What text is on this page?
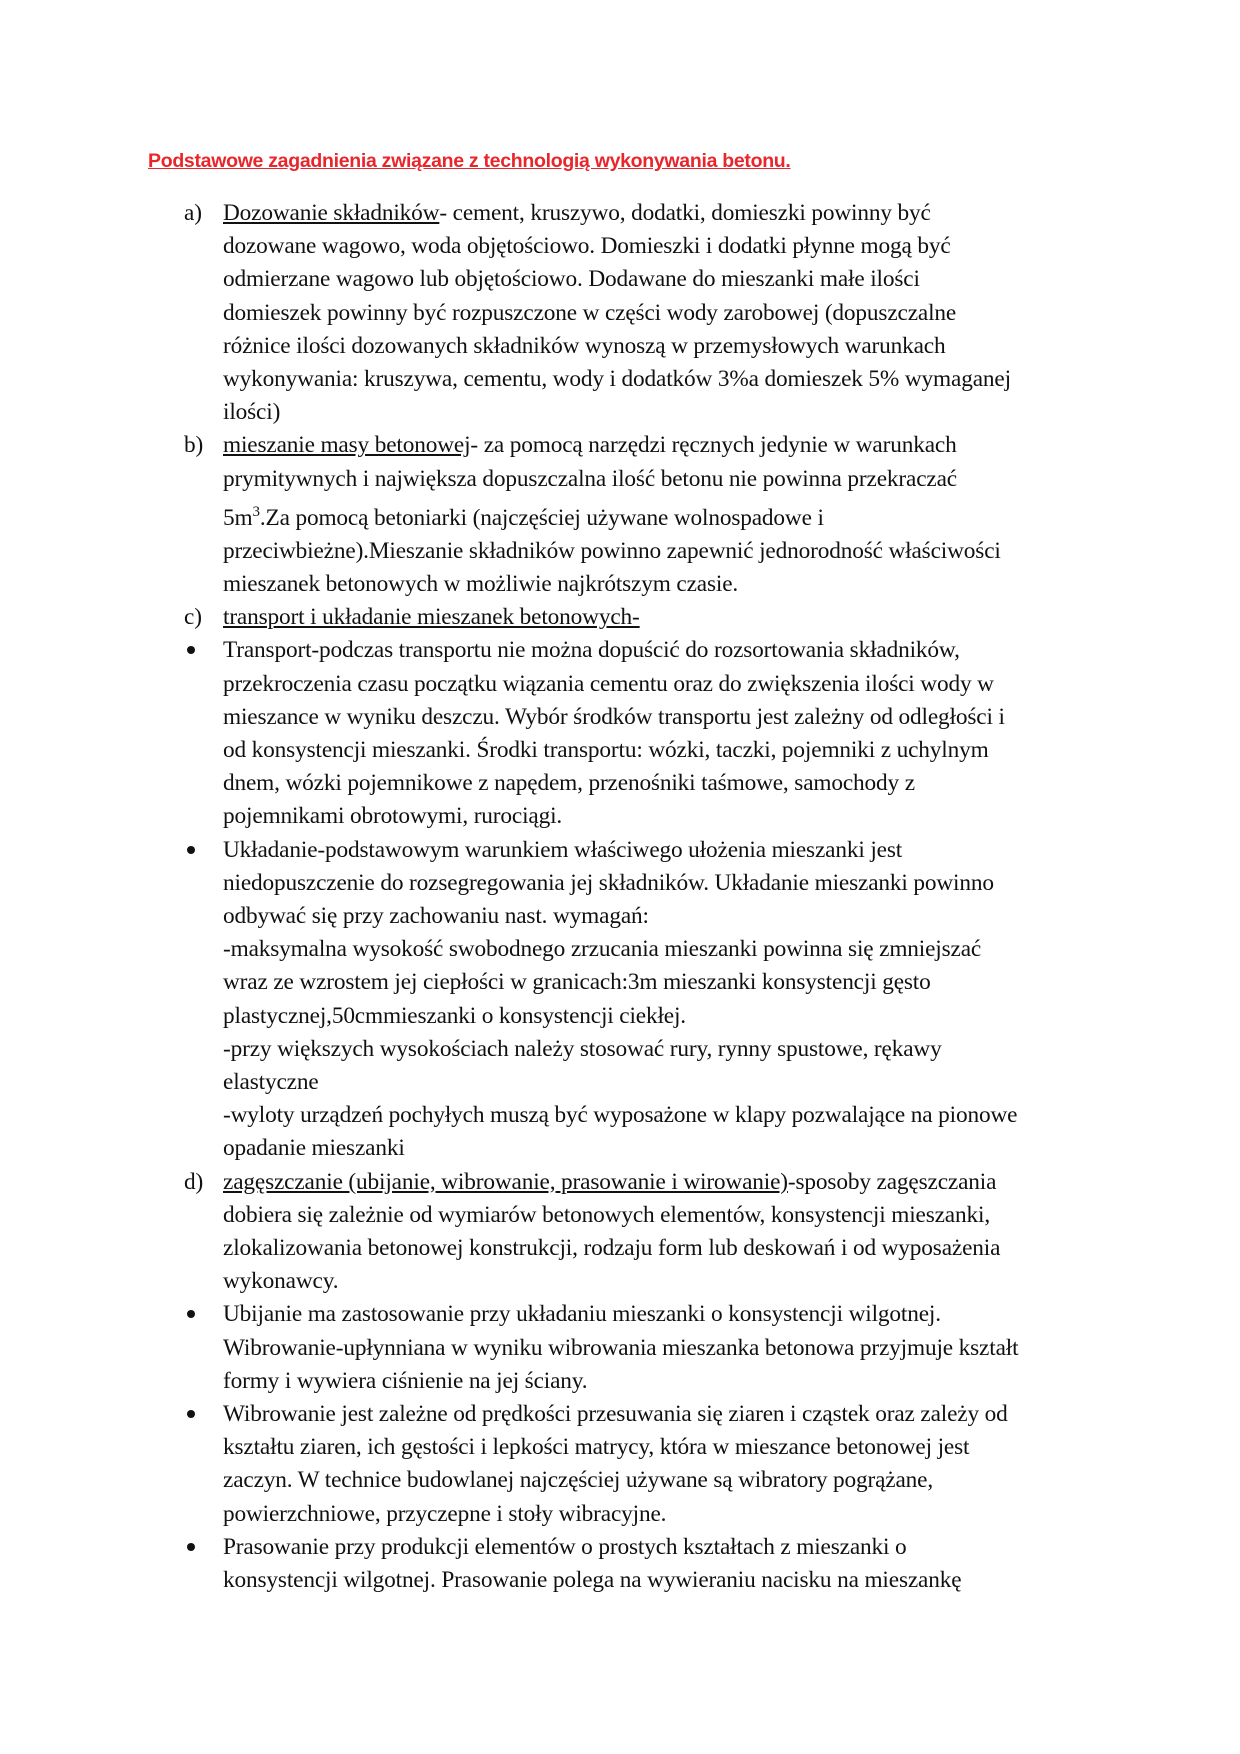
Podstawowe zagadnienia związane z technologią wykonywania betonu.
a) Dozowanie składników- cement, kruszywo, dodatki, domieszki powinny być
dozowane wagowo, woda objętościowo. Domieszki i dodatki płynne mogą być
odmierzane wagowo lub objętościowo. Dodawane do mieszanki małe ilości
domieszek powinny być rozpuszczone w części wody zarobowej (dopuszczalne
różnice ilości dozowanych składników wynoszą w przemysłowych warunkach
wykonywania: kruszywa, cementu, wody i dodatków 3%a domieszek 5% wymaganej
ilości)
b) mieszanie masy betonowej- za pomocą narzędzi ręcznych jedynie w warunkach
prymitywnych i największa dopuszczalna ilość betonu nie powinna przekraczać
$5m^3.Za$ pomocą betoniarki (najczęściej używane wolnospadowe i
przeciwbieżne).Mieszanie składników powinno zapewnić jednorodność właściwości
mieszanek betonowych w możliwie najkrótszym czasie.
c) transport i układanie mieszanek betonowych-
Transport-podczas transportu nie można dopuścić do rozsortowania składników,
przekroczenia czasu początku wiązania cementu oraz do zwiększenia ilości wody w
mieszance w wyniku deszczu. Wybór środków transportu jest zależny od odległości i
od konsystencji mieszanki. Środki transportu: wózki, taczki, pojemniki z uchylnym
dnem, wózki pojemnikowe z napędem, przenośniki taśmowe, samochody z
pojemnikami obrotowymi, rurociągi.
Układanie-podstawowym warunkiem właściwego ułożenia mieszanki jest
niedopuszczenie do rozsegregowania jej składników. Układanie mieszanki powinno
odbywać się przy zachowaniu nast. wymagań:
-maksymalna wysokość swobodnego zrzucania mieszanki powinna się zmniejszać
wraz ze wzrostem jej ciepłości w granicach:3m mieszanki konsystencji gęsto
plastycznej,50cmmieszanki o konsystencji ciekłej.
-przy większych wysokościach należy stosować rury, rynny spustowe, rękawy
elastyczne
-wyloty urządzeń pochyłych muszą być wyposażone w klapy pozwalające na pionowe
opadanie mieszanki
d) zagęszczanie (ubijanie, wibrowanie, prasowanie i wirowanie)-sposoby zagęszczania
dobiera się zależnie od wymiarów betonowych elementów, konsystencji mieszanki,
zlokalizowania betonowej konstrukcji, rodzaju form lub deskowań i od wyposażenia
wykonawcy.
Ubijanie ma zastosowanie przy układaniu mieszanki o konsystencji wilgotnej.
Wibrowanie-upłynniana w wyniku wibrowania mieszanka betonowa przyjmuje kształt
formy i wywiera ciśnienie na jej ściany.
Wibrowanie jest zależne od prędkości przesuwania się ziaren i cząstek oraz zależy od
kształtu ziaren, ich gęstości i lepkości matrycy, która w mieszance betonowej jest
zaczyn. W technice budowlanej najczęściej używane są wibratory pogrążane,
powierzchniowe, przyczepne i stoły wibracyjne.
Prasowanie przy produkcji elementów o prostych kształtach z mieszanki o
konsystencji wilgotnej. Prasowanie polega na wywieraniu nacisku na mieszankę
